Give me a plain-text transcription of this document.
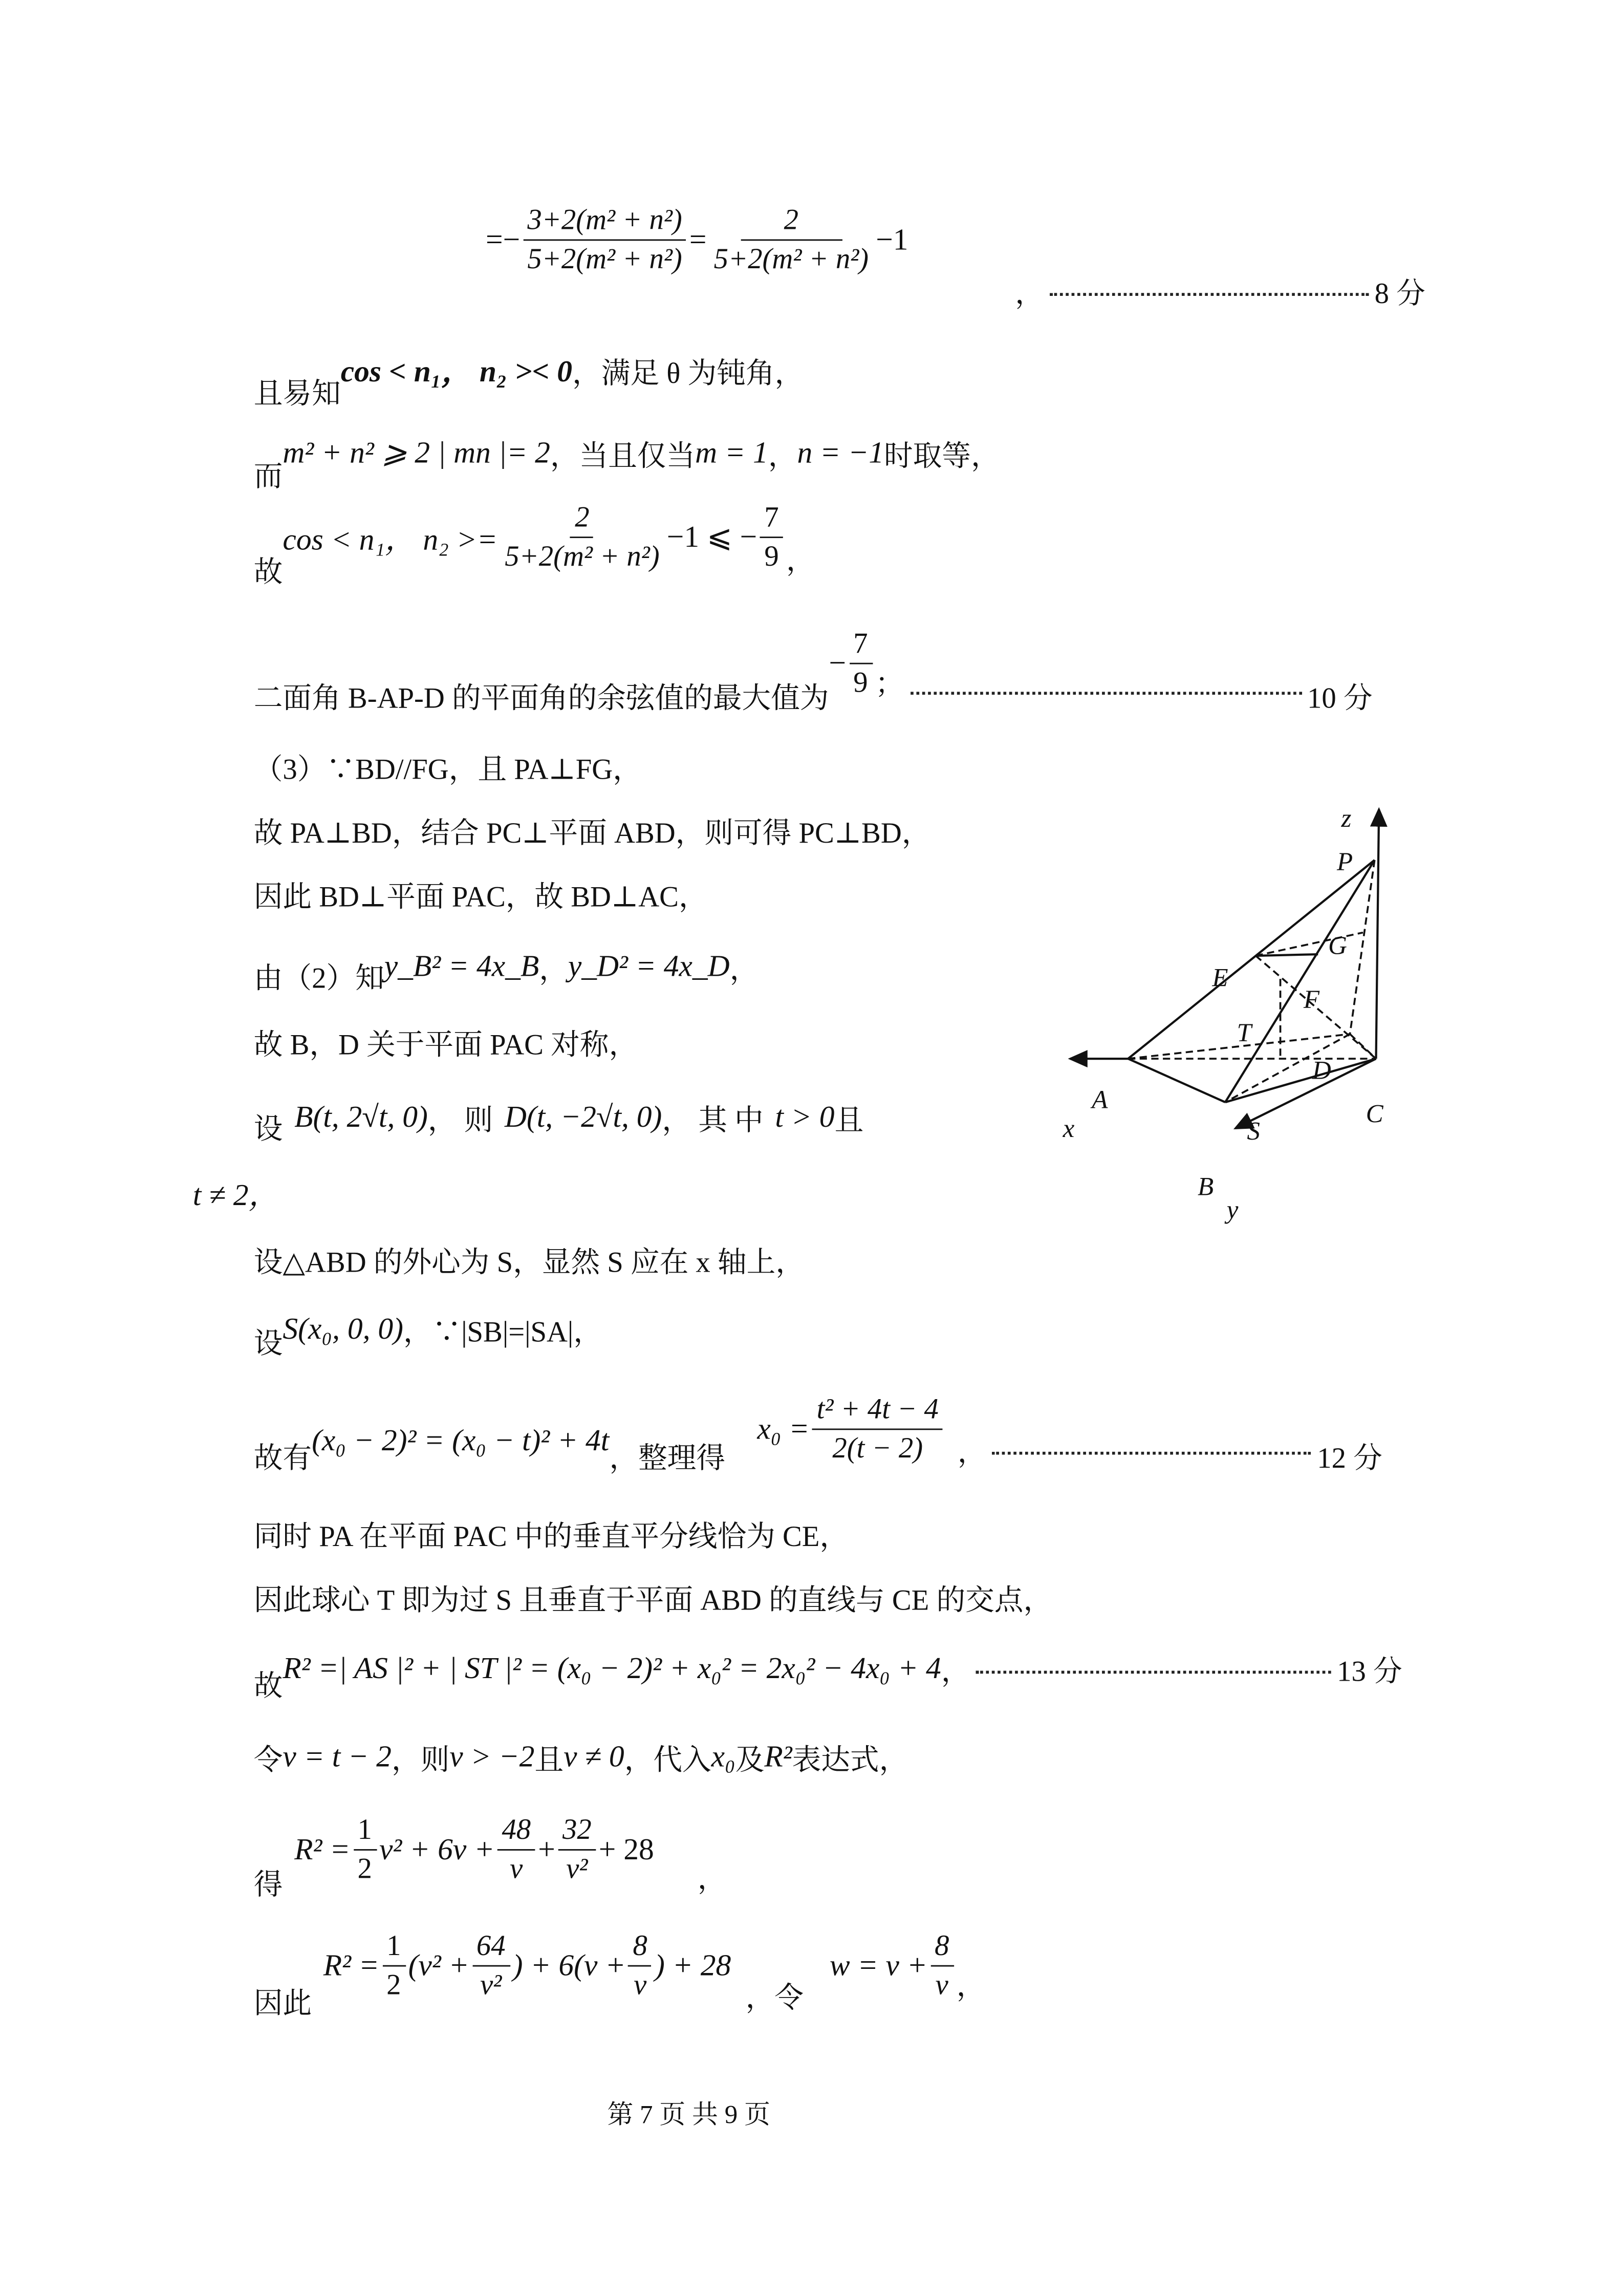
=− $\frac{\text{3+2(m² + n²)}}{\text{5+2(m² + n²)}} = \frac{2}{\text{5+2(m² + n²)}} -1$
，	8 分
且易知
cos < n₁， n₂ >< 0 ，满足 θ 为钝角，
而
m² + n² ⩾ 2 | mn |= 2 ，当且仅当 m = 1 ， n = −1 时取等，
故
cos < n₁， $n_2 >= \frac{2}{\text{5+2(m² + n²)}} -1$ ⩽ − $\frac{7}{9}$ ，
二面角 B-AP-D 的平面角的余弦值的最大值为
− $\frac{7}{9}$ ；	10 分
（3）∵BD//FG，且 PA⊥FG，
故 PA⊥BD，结合 PC⊥平面 ABD，则可得 PC⊥BD，
因此 BD⊥平面 PAC，故 BD⊥AC，
由（2）知 y_B² = 4x_B ， y_D² = 4x_D ，
故 B，D 关于平面 PAC 对称，
设 B(t, 2√t, 0) ， 则 D(t, −2√t, 0) ， 其 中 t > 0 且
t ≠ 2，
设△ABD 的外心为 S，显然 S 应在 x 轴上，
设 S(x₀, 0, 0) ，∵|SB|=|SA|，
故有
(x₀ − 2)² = (x₀ − t)² + 4t
，整理得
$x_0 = \frac{\text{t² + 4t − 4}}{2(t - 2)}$ ，	12 分
同时 PA 在平面 PAC 中的垂直平分线恰为 CE，
因此球心 T 即为过 S 且垂直于平面 ABD 的直线与 CE 的交点，
故
R² =| AS |² + | ST |² = (x₀ − 2)² + x₀² = 2x₀² − 4x₀ + 4 ，	13 分
令 v = t − 2 ，则 v > −2 且 v ≠ 0 ，代入 x₀ 及 R² 表达式，
得
$R^2 = \frac{1}{2} v^2 + 6v + \frac{48}{v} + \frac{32}{\text{v²}} + 28$
，
因此
$R^2 = \frac{1}{2} (v^2 + \frac{64}{\text{v²}}$ ) + $6(v + \frac{8}{v}$ ) + 28
，令
$w = v + \frac{8}{v}$ ，
z
P
G
E
F
T
D
A
C
x	S
B
y
第 7 页 共 9 页
